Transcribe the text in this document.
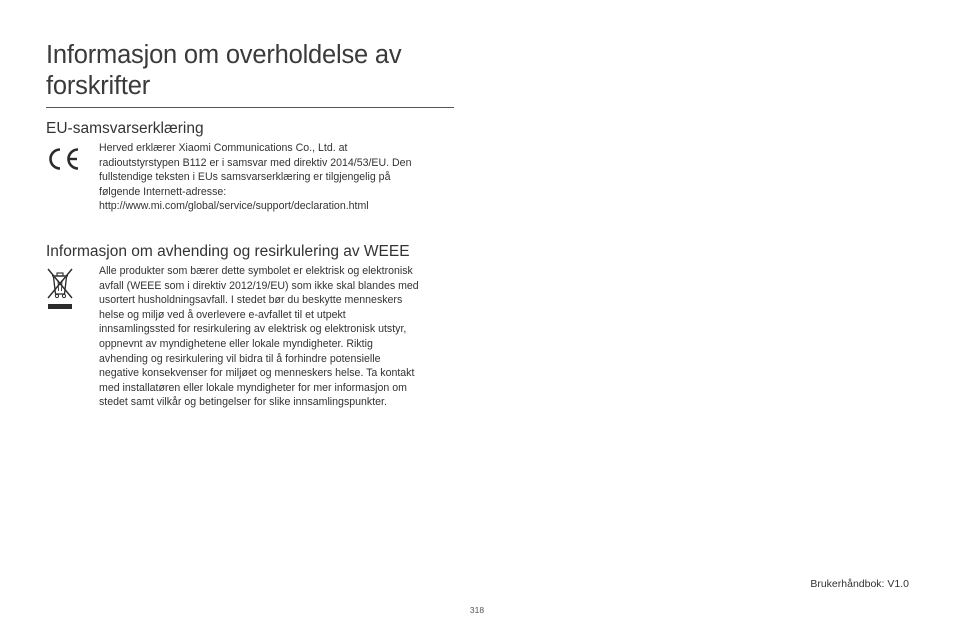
Informasjon om overholdelse av
forskrifter
EU-samsvarserklæring

Herved erklærer Xiaomi Communications Co., Ltd. at
radioutstyrstypen B112 er i samsvar med direktiv 2014/53/EU. Den
fullstendige teksten i EUs samsvarserklæring er tilgjengelig på
følgende Internett-adresse:
http://www.mi.com/global/service/support/declaration.html

Informasjon om avhending og resirkulering av WEEE

Alle produkter som bærer dette symbolet er elektrisk og elektronisk
avfall (WEEE som i direktiv 2012/19/EU) som ikke skal blandes med
usortert husholdningsavfall. I stedet bør du beskytte menneskers
helse og miljø ved å overlevere e-avfallet til et utpekt
innsamlingssted for resirkulering av elektrisk og elektronisk utstyr,
oppnevnt av myndighetene eller lokale myndigheter. Riktig
avhending og resirkulering vil bidra til å forhindre potensielle
negative konsekvenser for miljøet og menneskers helse. Ta kontakt
med installatøren eller lokale myndigheter for mer informasjon om
stedet samt vilkår og betingelser for slike innsamlingspunkter.

Brukerhåndbok: V1.0
318
